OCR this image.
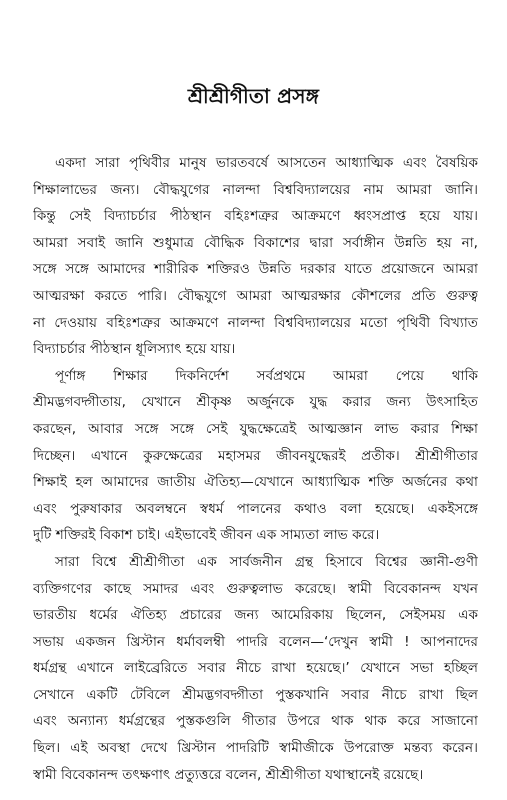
শ্রীশ্রীগীতা প্রসঙ্গ
একদা সারা পৃথিবীর মানুষ ভারতবর্ষে আসতেন আধ্যাত্মিক এবং বৈষয়িক
শিক্ষালাভের জন্য। বৌদ্ধযুগের নালন্দা বিশ্ববিদ্যালয়ের নাম আমরা জানি।
কিন্তু সেই বিদ্যাচর্চার পীঠস্থান বহিঃশত্রুর আক্রমণে ধ্বংসপ্রাপ্ত হয়ে যায়।
আমরা সবাই জানি শুধুমাত্র বৌদ্ধিক বিকাশের দ্বারা সর্বাঙ্গীন উন্নতি হয় না,
সঙ্গে সঙ্গে আমাদের শারীরিক শক্তিরও উন্নতি দরকার যাতে প্রয়োজনে আমরা
আত্মরক্ষা করতে পারি। বৌদ্ধযুগে আমরা আত্মরক্ষার কৌশলের প্রতি গুরুত্ব
না দেওয়ায় বহিঃশত্রুর আক্রমণে নালন্দা বিশ্ববিদ্যালয়ের মতো পৃথিবী বিখ্যাত
বিদ্যাচর্চার পীঠস্থান ধূলিস্যাৎ হয়ে যায়।
পূর্ণাঙ্গ শিক্ষার দিকনির্দেশ সর্বপ্রথমে আমরা পেয়ে থাকি
শ্রীমদ্ভগবদ্গীতায়, যেখানে শ্রীকৃষ্ণ অর্জুনকে যুদ্ধ করার জন্য উৎসাহিত
করছেন, আবার সঙ্গে সঙ্গে সেই যুদ্ধক্ষেত্রেই আত্মজ্ঞান লাভ করার শিক্ষা
দিচ্ছেন। এখানে কুরুক্ষেত্রের মহাসমর জীবনযুদ্ধেরই প্রতীক। শ্রীশ্রীগীতার
শিক্ষাই হল আমাদের জাতীয় ঐতিহ্য—যেখানে আধ্যাত্মিক শক্তি অর্জনের কথা
এবং পুরুষাকার অবলম্বনে স্বধর্ম পালনের কথাও বলা হয়েছে। একইসঙ্গে
দুটি শক্তিরই বিকাশ চাই। এইভাবেই জীবন এক সাম্যতা লাভ করে।
সারা বিশ্বে শ্রীশ্রীগীতা এক সার্বজনীন গ্রন্থ হিসাবে বিশ্বের জ্ঞানী-গুণী
ব্যক্তিগণের কাছে সমাদর এবং গুরুত্বলাভ করেছে। স্বামী বিবেকানন্দ যখন
ভারতীয় ধর্মের ঐতিহ্য প্রচারের জন্য আমেরিকায় ছিলেন, সেইসময় এক
সভায় একজন খ্রিস্টান ধর্মাবলম্বী পাদরি বলেন—‘দেখুন স্বামী ! আপনাদের
ধর্মগ্রন্থ এখানে লাইব্রেরিতে সবার নীচে রাখা হয়েছে।’ যেখানে সভা হচ্ছিল
সেখানে একটি টেবিলে শ্রীমদ্ভগবদ্গীতা পুস্তকখানি সবার নীচে রাখা ছিল
এবং অন্যান্য ধর্মগ্রন্থের পুস্তকগুলি গীতার উপরে থাক থাক করে সাজানো
ছিল। এই অবস্থা দেখে খ্রিস্টান পাদরিটি স্বামীজীকে উপরোক্ত মন্তব্য করেন।
স্বামী বিবেকানন্দ তৎক্ষণাৎ প্রত্যুত্তরে বলেন, শ্রীশ্রীগীতা যথাস্থানেই রয়েছে।
